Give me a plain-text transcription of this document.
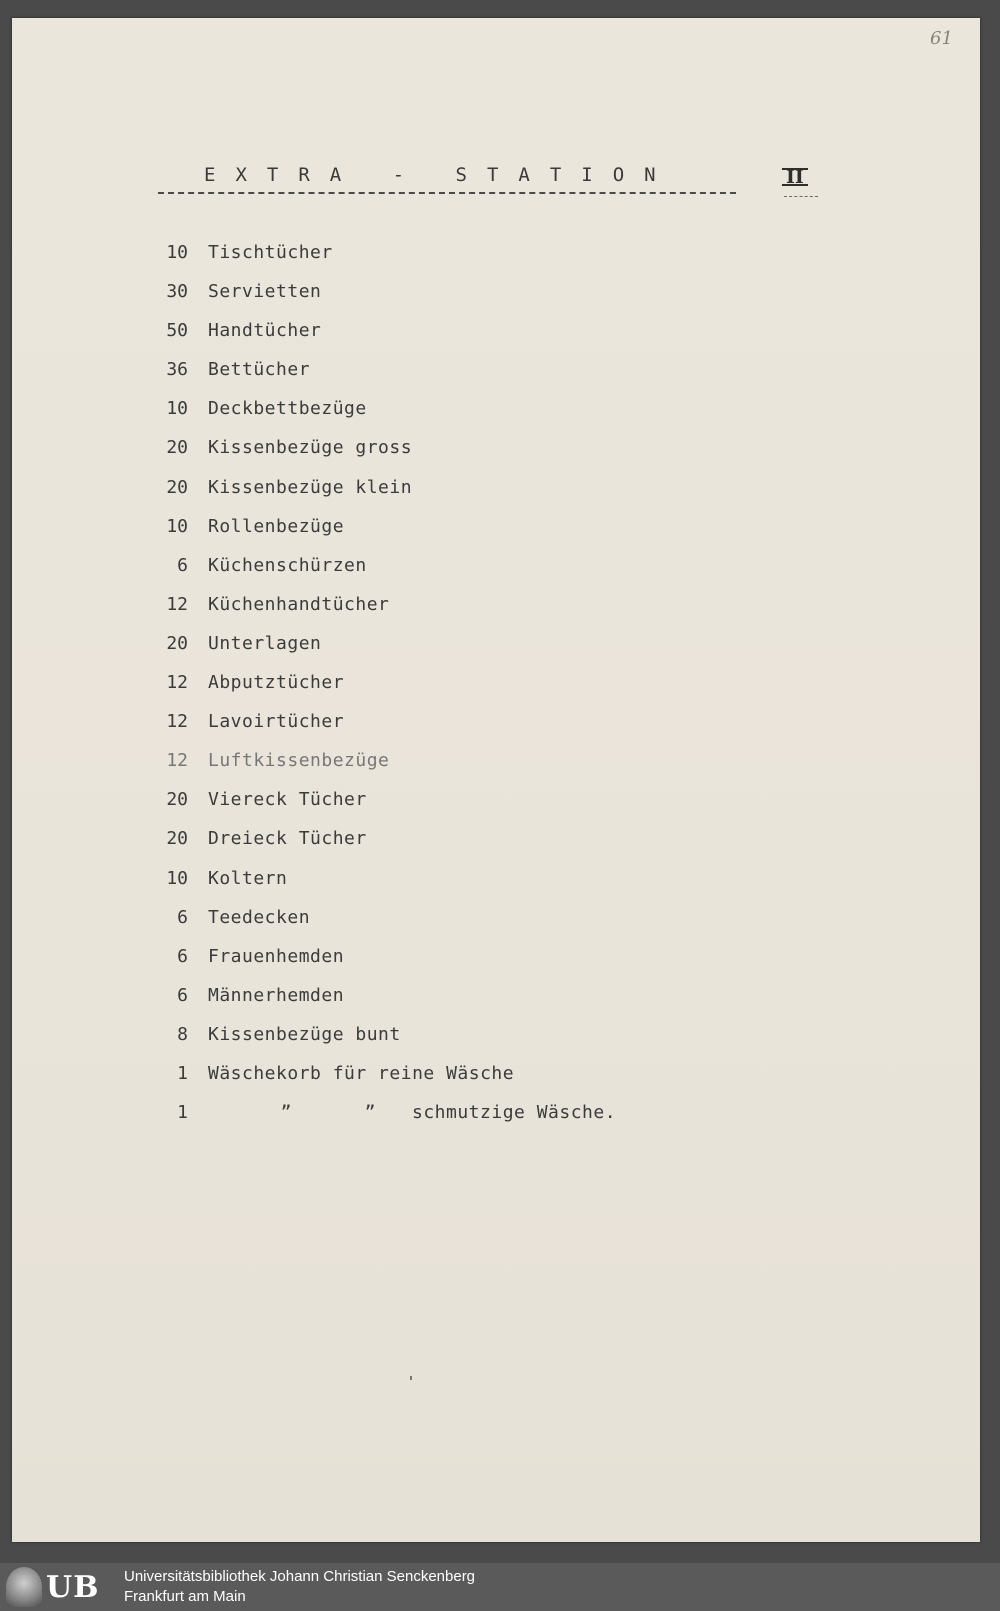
61
EXTRA - STATION	II
10 Tischtücher
30 Servietten
50 Handtücher
36 Bettücher
10 Deckbettbezüge
20 Kissenbezüge gross
20 Kissenbezüge klein
10 Rollenbezüge
6 Küchenschürzen
12 Küchenhandtücher
20 Unterlagen
12 Abputztücher
12 Lavoirtücher
12 Luftkissenbezüge
20 Viereck Tücher
20 Dreieck Tücher
10 Koltern
6 Teedecken
6 Frauenhemden
6 Männerhemden
8 Kissenbezüge bunt
1 Wäschekorb für reine Wäsche
1	”	” schmutzige Wäsche.
UB Universitätsbibliothek Johann Christian Senckenberg
Frankfurt am Main
